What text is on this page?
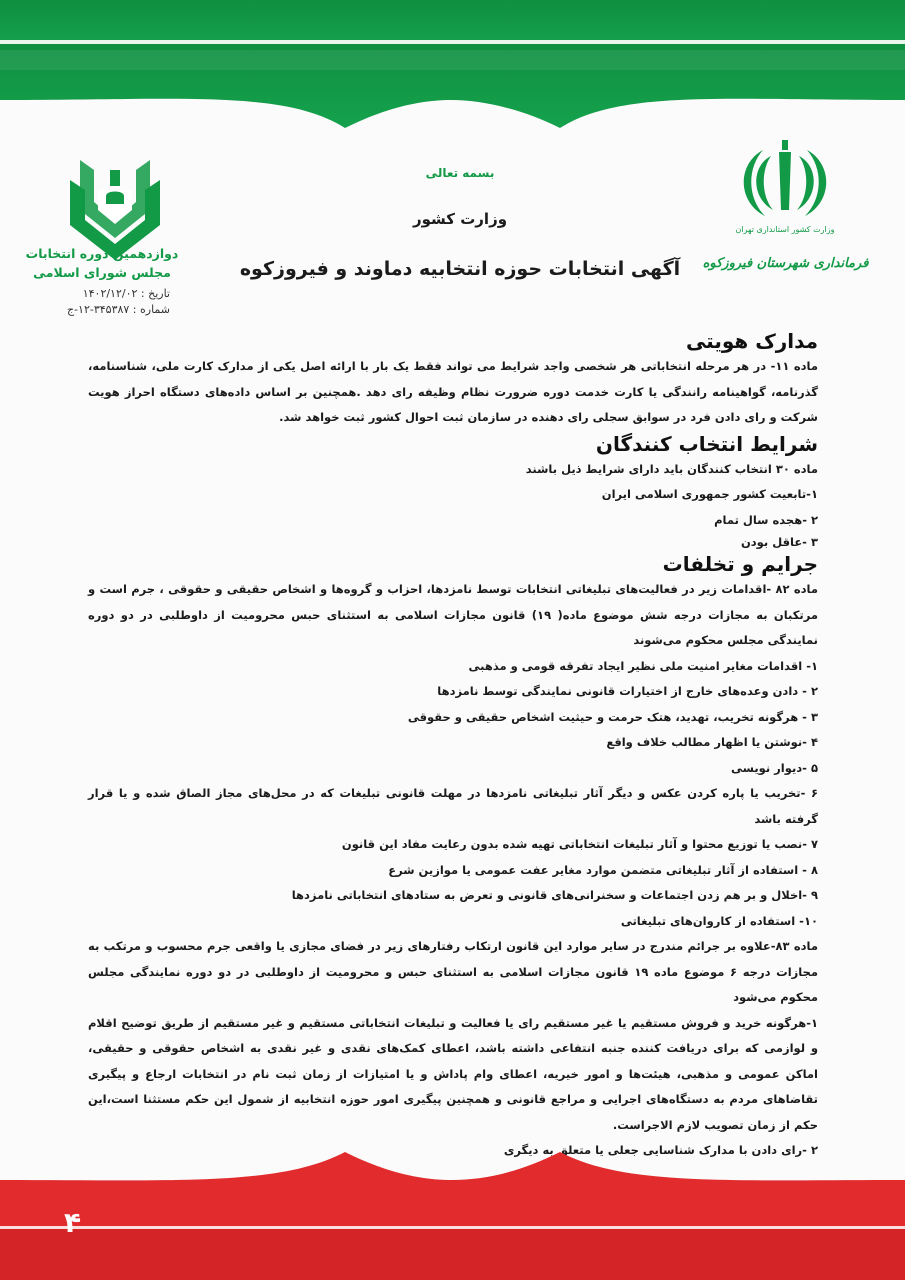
دوازدهمین دوره انتخابات
مجلس شورای اسلامی
تاریخ : ۱۴۰۲/۱۲/۰۲
شماره : ۳۴۵۳۸۷-۱۲-ج
وزارت کشور استانداری تهران
فرمانداری شهرستان فیروزکوه
بسمه تعالی
وزارت کشور
آگهی انتخابات حوزه انتخابیه دماوند و فیروزکوه
مدارک هویتی

ماده ۱۱- در هر مرحله انتخاباتی هر شخصی واجد شرایط می تواند فقط یک بار با ارائه اصل یکی از مدارک کارت ملی، شناسنامه، گذرنامه، گواهینامه رانندگی یا کارت خدمت دوره ضرورت نظام وظیفه رای دهد .همچنین بر اساس داده‌های دستگاه احراز هویت شرکت و رای دادن فرد در سوابق سجلی رای دهنده در سازمان ثبت احوال کشور ثبت خواهد شد.

شرایط انتخاب کنندگان

ماده ۳۰ انتخاب کنندگان باید دارای شرایط ذیل باشند

۱-تابعیت کشور جمهوری اسلامی ایران

۲ -هجده سال تمام

۳ -عاقل بودن

جرایم و تخلفات

ماده ۸۲ -اقدامات زیر در فعالیت‌های تبلیغاتی انتخابات توسط نامزدها، احزاب و گروه‌ها و اشخاص حقیقی و حقوقی ، جرم است و مرتکبان به مجازات درجه شش موضوع ماده( ۱۹) قانون مجازات اسلامی به استثنای حبس محرومیت از داوطلبی در دو دوره نمایندگی مجلس محکوم می‌شوند

۱- اقدامات مغایر امنیت ملی نظیر ایجاد تفرقه قومی و مذهبی

۲ - دادن وعده‌های خارج از اختیارات قانونی نمایندگی توسط نامزدها

۳ - هرگونه تخریب، تهدید، هتک حرمت و حیثیت اشخاص حقیقی و حقوقی

۴ -نوشتن یا اظهار مطالب خلاف واقع

۵ -دیوار نویسی

۶ -تخریب یا پاره کردن عکس و دیگر آثار تبلیغاتی نامزدها در مهلت قانونی تبلیغات که در محل‌های مجاز الصاق شده و یا قرار گرفته باشد

۷ -نصب یا توزیع محتوا و آثار تبلیغات انتخاباتی تهیه شده بدون رعایت مفاد این قانون

۸ - استفاده از آثار تبلیغاتی متضمن موارد مغایر عفت عمومی یا موازین شرع

۹ -اخلال و بر هم زدن اجتماعات و سخنرانی‌های قانونی و تعرض به ستادهای انتخاباتی نامزدها

۱۰- استفاده از کاروان‌های تبلیغاتی

ماده ۸۳-علاوه بر جرائم مندرج در سایر موارد این قانون ارتکاب رفتارهای زیر در فضای مجازی یا واقعی جرم محسوب و مرتکب به مجازات درجه ۶ موضوع ماده ۱۹ قانون مجازات اسلامی به استثنای حبس و محرومیت از داوطلبی در دو دوره نمایندگی مجلس محکوم می‌شود

۱-هرگونه خرید و فروش مستقیم یا غیر مستقیم رای یا فعالیت و تبلیغات انتخاباتی مستقیم و غیر مستقیم از طریق توضیح اقلام و لوازمی که برای دریافت کننده جنبه انتفاعی داشته باشد، اعطای کمک‌های نقدی و غیر نقدی به اشخاص حقوقی و حقیقی، اماکن عمومی و مذهبی، هیئت‌ها و امور خیریه، اعطای وام پاداش و یا امتیازات از زمان ثبت نام در انتخابات ارجاع و پیگیری تقاضاهای مردم به دستگاه‌های اجرایی و مراجع قانونی و همچنین پیگیری امور حوزه انتخابیه از شمول این حکم مستثنا است،این حکم از زمان تصویب لازم الاجراست.

۲ -رای دادن با مدارک شناسایی جعلی یا متعلق به دیگری

۴
